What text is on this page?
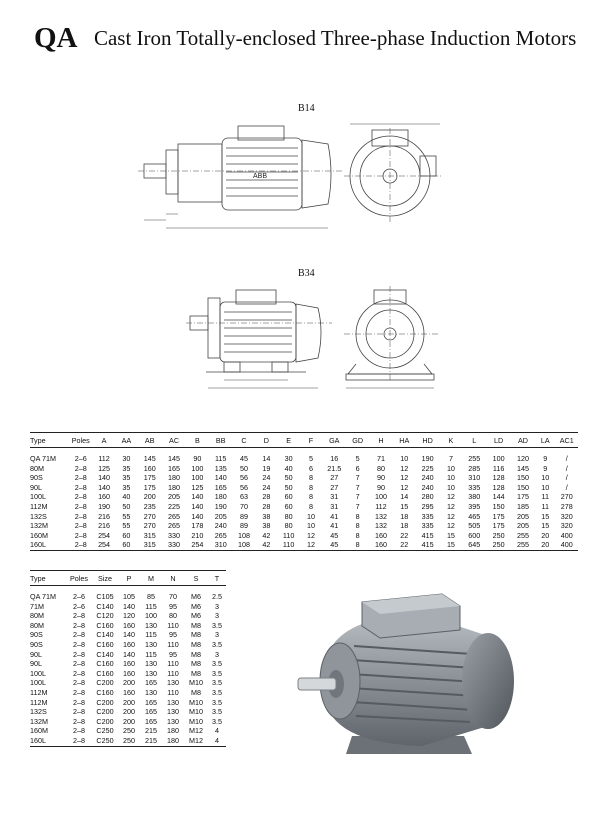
QA Cast Iron Totally-enclosed Three-phase Induction Motors
B14
ABB
B34
Type	Poles	A	AA	AB	AC	B	BB	C	D	E	F	GA	GD	H	HA	HD	K	L	LD	AD	LA	AC1
QA 71M	2–6	112	30	145	145	90	115	45	14	30	5	16	5	71	10	190	7	255	100	120	9	/
80M	2–8	125	35	160	165	100	135	50	19	40	6	21.5	6	80	12	225	10	285	116	145	9	/
90S	2–8	140	35	175	180	100	140	56	24	50	8	27	7	90	12	240	10	310	128	150	10	/
90L	2–8	140	35	175	180	125	165	56	24	50	8	27	7	90	12	240	10	335	128	150	10	/
100L	2–8	160	40	200	205	140	180	63	28	60	8	31	7	100	14	280	12	380	144	175	11	270
112M	2–8	190	50	235	225	140	190	70	28	60	8	31	7	112	15	295	12	395	150	185	11	278
132S	2–8	216	55	270	265	140	205	89	38	80	10	41	8	132	18	335	12	465	175	205	15	320
132M	2–8	216	55	270	265	178	240	89	38	80	10	41	8	132	18	335	12	505	175	205	15	320
160M	2–8	254	60	315	330	210	265	108	42	110	12	45	8	160	22	415	15	600	250	255	20	400
160L	2–8	254	60	315	330	254	310	108	42	110	12	45	8	160	22	415	15	645	250	255	20	400
Type	Poles	Size	P	M	N	S	T
QA 71M	2–6	C105	105	85	70	M6	2.5
71M	2–6	C140	140	115	95	M6	3
80M	2–8	C120	120	100	80	M6	3
80M	2–8	C160	160	130	110	M8	3.5
90S	2–8	C140	140	115	95	M8	3
90S	2–8	C160	160	130	110	M8	3.5
90L	2–8	C140	140	115	95	M8	3
90L	2–8	C160	160	130	110	M8	3.5
100L	2–8	C160	160	130	110	M8	3.5
100L	2–8	C200	200	165	130	M10	3.5
112M	2–8	C160	160	130	110	M8	3.5
112M	2–8	C200	200	165	130	M10	3.5
132S	2–8	C200	200	165	130	M10	3.5
132M	2–8	C200	200	165	130	M10	3.5
160M	2–8	C250	250	215	180	M12	4
160L	2–8	C250	250	215	180	M12	4
